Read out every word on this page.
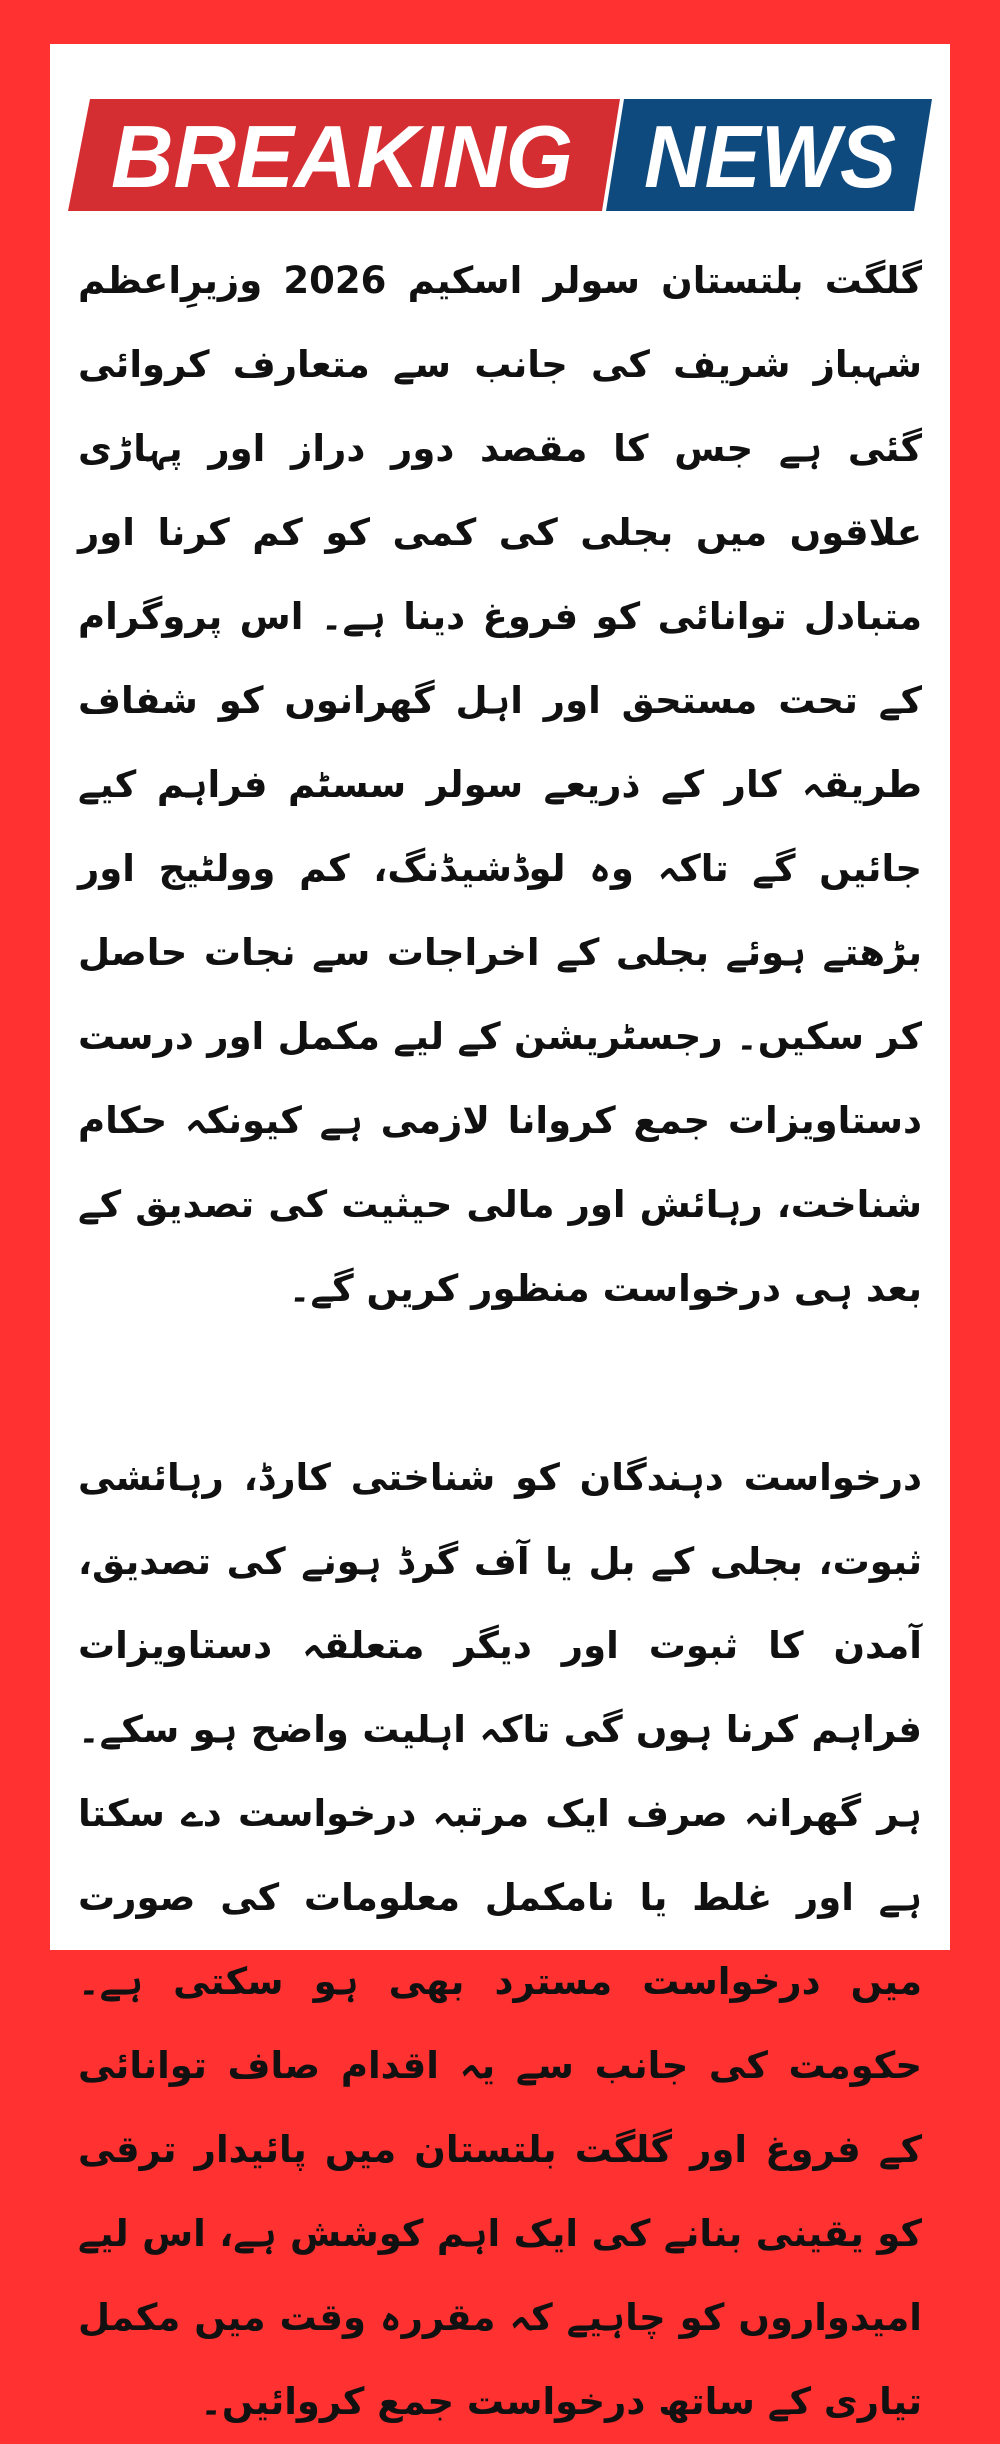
BREAKING NEWS

گلگت بلتستان سولر اسکیم 2026 وزیرِاعظم شہباز شریف کی جانب سے متعارف کروائی گئی ہے جس کا مقصد دور دراز اور پہاڑی علاقوں میں بجلی کی کمی کو کم کرنا اور متبادل توانائی کو فروغ دینا ہے۔ اس پروگرام کے تحت مستحق اور اہل گھرانوں کو شفاف طریقہ کار کے ذریعے سولر سسٹم فراہم کیے جائیں گے تاکہ وہ لوڈشیڈنگ، کم وولٹیج اور بڑھتے ہوئے بجلی کے اخراجات سے نجات حاصل کر سکیں۔ رجسٹریشن کے لیے مکمل اور درست دستاویزات جمع کروانا لازمی ہے کیونکہ حکام شناخت، رہائش اور مالی حیثیت کی تصدیق کے بعد ہی درخواست منظور کریں گے۔

درخواست دہندگان کو شناختی کارڈ، رہائشی ثبوت، بجلی کے بل یا آف گرڈ ہونے کی تصدیق، آمدن کا ثبوت اور دیگر متعلقہ دستاویزات فراہم کرنا ہوں گی تاکہ اہلیت واضح ہو سکے۔ ہر گھرانہ صرف ایک مرتبہ درخواست دے سکتا ہے اور غلط یا نامکمل معلومات کی صورت میں درخواست مسترد بھی ہو سکتی ہے۔ حکومت کی جانب سے یہ اقدام صاف توانائی کے فروغ اور گلگت بلتستان میں پائیدار ترقی کو یقینی بنانے کی ایک اہم کوشش ہے، اس لیے امیدواروں کو چاہیے کہ مقررہ وقت میں مکمل تیاری کے ساتھ درخواست جمع کروائیں۔
